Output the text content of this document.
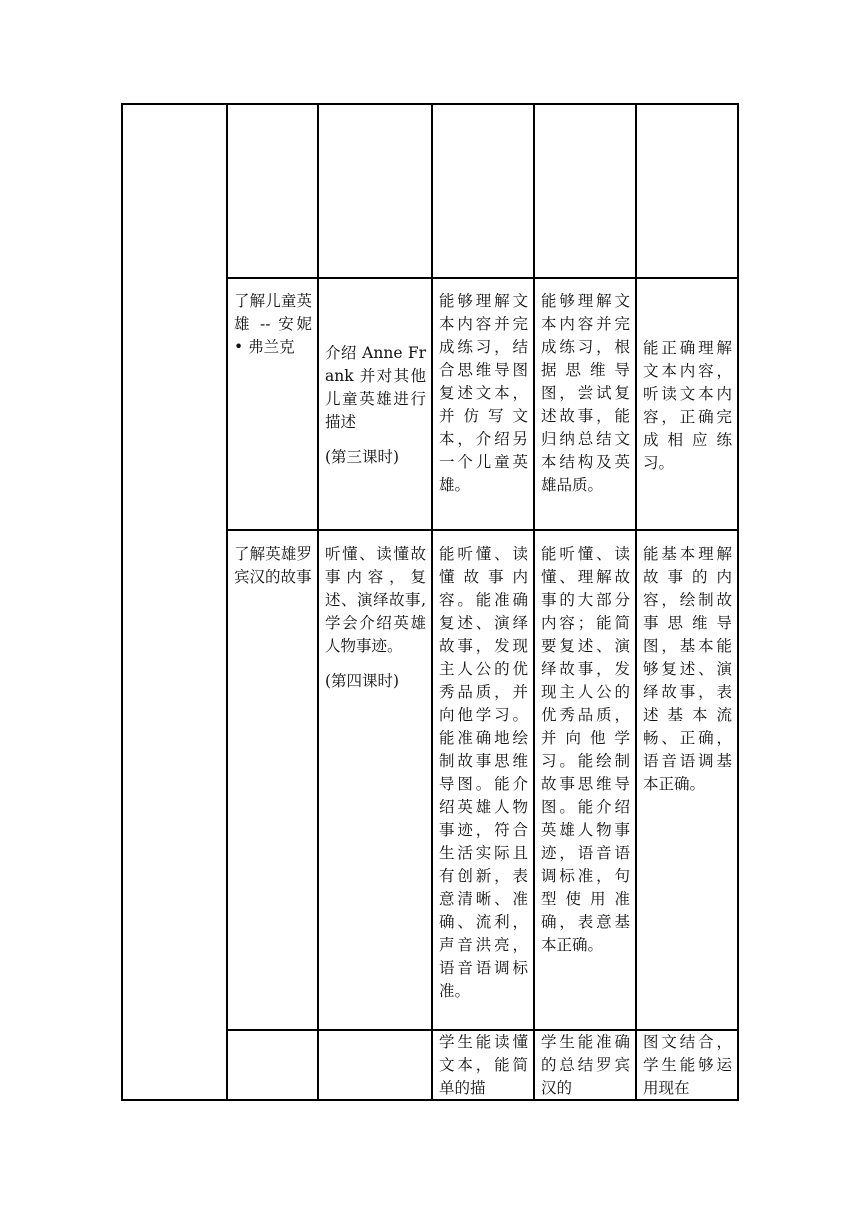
了解儿童英雄 -- 安妮 • 弗兰克	介绍 Anne Frank 并对其他儿童英雄进行描述

(第三课时)

能够理解文本内容并完成练习，结合思维导图复述文本，并仿写文本，介绍另一个儿童英雄。

能够理解文本内容并完成练习，根据思维导图，尝试复述故事，能归纳总结文本结构及英雄品质。

能正确理解文本内容，听读文本内容，正确完成相应练习。

了解英雄罗宾汉的故事

听懂、读懂故事内容，复述、演绎故事,学会介绍英雄人物事迹。

(第四课时)

能听懂、读懂故事内容。能准确复述、演绎故事，发现主人公的优秀品质，并向他学习。能准确地绘制故事思维导图。能介绍英雄人物事迹，符合生活实际且有创新，表意清晰、准确、流利，声音洪亮，语音语调标准。

能听懂、读懂、理解故事的大部分内容；能简要复述、演绎故事，发现主人公的优秀品质，并向他学习。能绘制故事思维导图。能介绍英雄人物事迹，语音语调标准，句型使用准确，表意基本正确。

能基本理解故事的内容，绘制故事思维导图，基本能够复述、演绎故事，表述基本流畅、正确，语音语调基本正确。

学生能读懂文本，能简单的描

学生能准确的总结罗宾汉的

图文结合，学生能够运用现在
